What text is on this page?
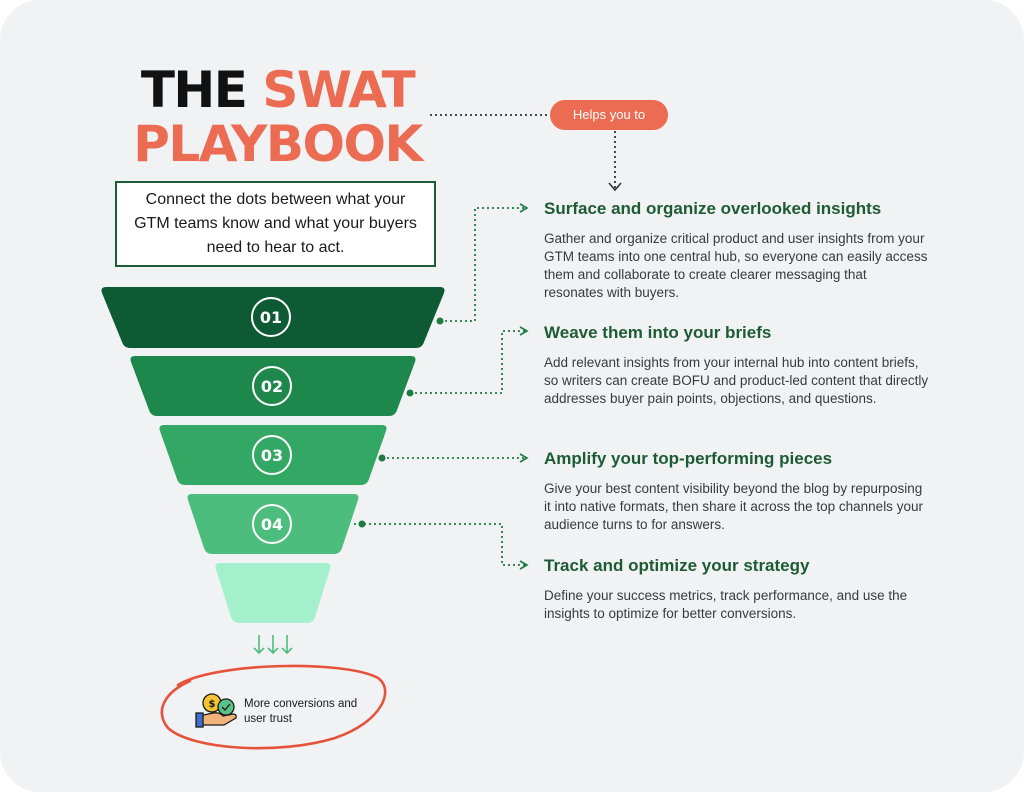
THE SWAT
PLAYBOOK
Helps you to
Connect the dots between what your GTM teams know and what your buyers need to hear to act.
01
02
03
04
$
Surface and organize overlooked insights
Gather and organize critical product and user insights from your GTM teams into one central hub, so everyone can easily access them and collaborate to create clearer messaging that resonates with buyers.
Weave them into your briefs
Add relevant insights from your internal hub into content briefs, so writers can create BOFU and product-led content that directly addresses buyer pain points, objections, and questions.
Amplify your top-performing pieces
Give your best content visibility beyond the blog by repurposing it into native formats, then share it across the top channels your audience turns to for answers.
Track and optimize your strategy
Define your success metrics, track performance, and use the insights to optimize for better conversions.
More conversions and user trust
